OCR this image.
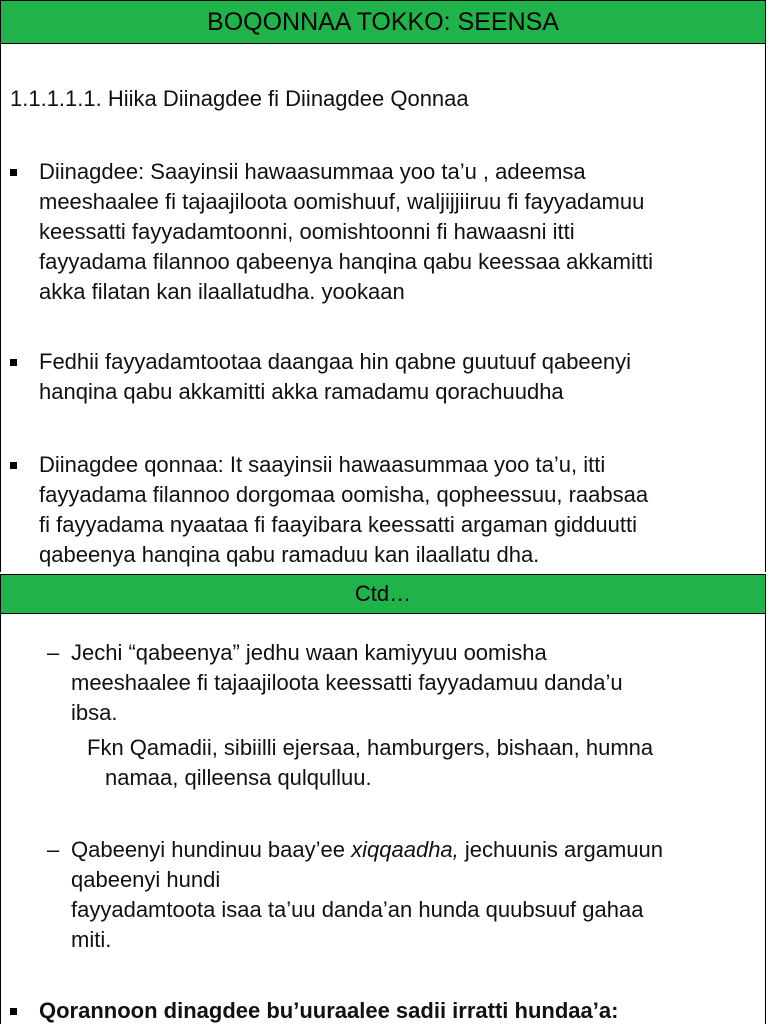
BOQONNAA TOKKO: SEENSA
1.1.1.1.1. Hiika Diinagdee fi Diinagdee Qonnaa
Diinagdee: Saayinsii hawaasummaa yoo ta’u , adeemsa
meeshaalee fi tajaajiloota oomishuuf, waljijjiiruu fi fayyadamuu
keessatti fayyadamtoonni, oomishtoonni fi hawaasni itti
fayyadama filannoo qabeenya hanqina qabu keessaa akkamitti
akka filatan kan ilaallatudha. yookaan
Fedhii fayyadamtootaa daangaa hin qabne guutuuf qabeenyi
hanqina qabu akkamitti akka ramadamu qorachuudha
Diinagdee qonnaa: It saayinsii hawaasummaa yoo ta’u, itti
fayyadama filannoo dorgomaa oomisha, qopheessuu, raabsaa
fi fayyadama nyaataa fi faayibara keessatti argaman gidduutti
qabeenya hanqina qabu ramaduu kan ilaallatu dha.
Ctd…
– Jechi “qabeenya” jedhu waan kamiyyuu oomisha
meeshaalee fi tajaajiloota keessatti fayyadamuu danda’u
ibsa.
Fkn Qamadii, sibiilli ejersaa, hamburgers, bishaan, humna
namaa, qilleensa qulqulluu.
– Qabeenyi hundinuu baay’ee xiqqaadha, jechuunis argamuun
qabeenyi hundi
fayyadamtoota isaa ta’uu danda’an hunda quubsuuf gahaa
miti.
Qorannoon dinagdee bu’uuraalee sadii irratti hundaa’a:
